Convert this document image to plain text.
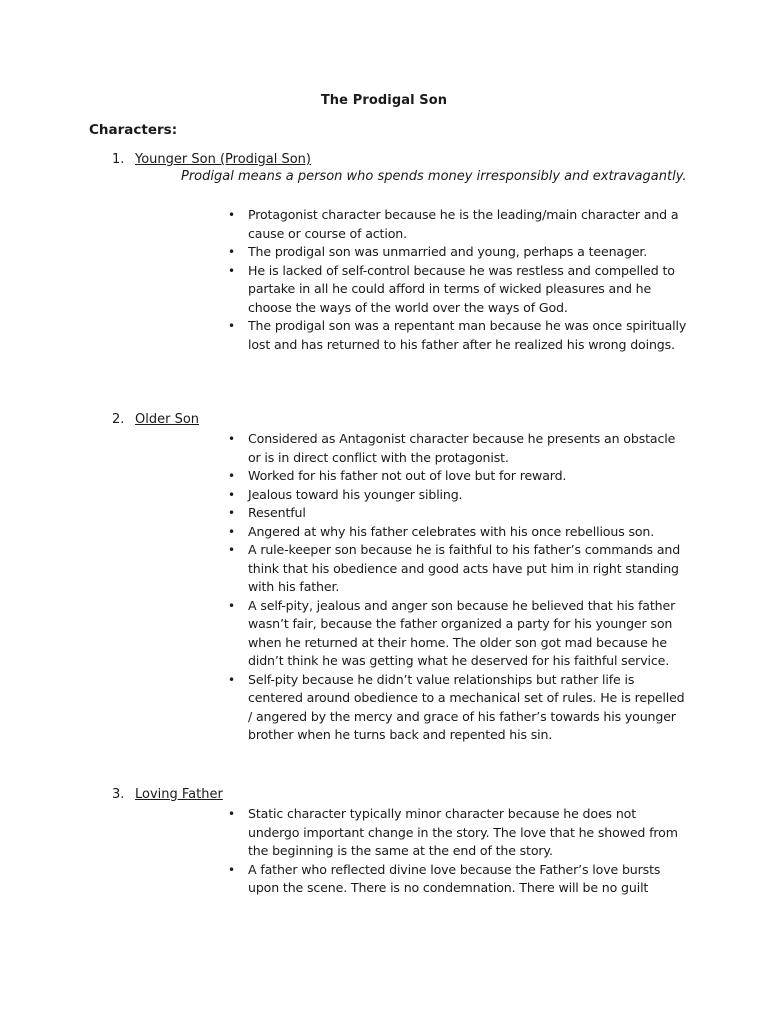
The Prodigal Son
Characters:
1. Younger Son (Prodigal Son)
Prodigal means a person who spends money irresponsibly and extravagantly.
• Protagonist character because he is the leading/main character and a cause or course of action.
• The prodigal son was unmarried and young, perhaps a teenager.
• He is lacked of self-control because he was restless and compelled to partake in all he could afford in terms of wicked pleasures and he choose the ways of the world over the ways of God.
• The prodigal son was a repentant man because he was once spiritually lost and has returned to his father after he realized his wrong doings.
2. Older Son
• Considered as Antagonist character because he presents an obstacle or is in direct conflict with the protagonist.
• Worked for his father not out of love but for reward.
• Jealous toward his younger sibling.
• Resentful
• Angered at why his father celebrates with his once rebellious son.
• A rule-keeper son because he is faithful to his father’s commands and think that his obedience and good acts have put him in right standing with his father.
• A self-pity, jealous and anger son because he believed that his father wasn’t fair, because the father organized a party for his younger son when he returned at their home. The older son got mad because he didn’t think he was getting what he deserved for his faithful service.
• Self-pity because he didn’t value relationships but rather life is centered around obedience to a mechanical set of rules. He is repelled / angered by the mercy and grace of his father’s towards his younger brother when he turns back and repented his sin.
3. Loving Father
• Static character typically minor character because he does not undergo important change in the story. The love that he showed from the beginning is the same at the end of the story.
• A father who reflected divine love because the Father’s love bursts upon the scene. There is no condemnation. There will be no guilt
